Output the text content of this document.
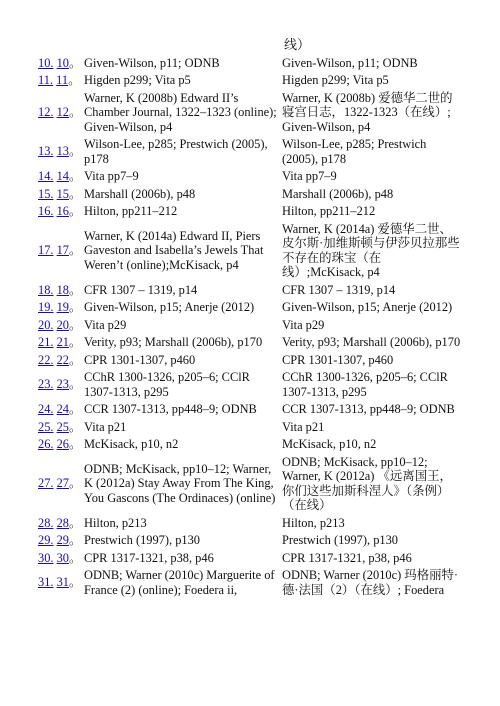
线）
10. 10。	Given-Wilson, p11; ODNB	Given-Wilson, p11; ODNB
11. 11。	Higden p299; Vita p5	Higden p299; Vita p5
12. 12。	Warner, K (2008b) Edward II’s Chamber Journal, 1322–1323 (online); Given-Wilson, p4	Warner, K (2008b) 爱德华二世的寝宫日志，1322-1323（在线）; Given-Wilson, p4
13. 13。	Wilson-Lee, p285; Prestwich (2005), p178	Wilson-Lee, p285; Prestwich (2005), p178
14. 14。	Vita pp7–9	Vita pp7–9
15. 15。	Marshall (2006b), p48	Marshall (2006b), p48
16. 16。	Hilton, pp211–212	Hilton, pp211–212
17. 17。	Warner, K (2014a) Edward II, Piers Gaveston and Isabella’s Jewels That Weren’t (online);McKisack, p4	Warner, K (2014a) 爱德华二世、皮尔斯·加维斯顿与伊莎贝拉那些不存在的珠宝（在线）;McKisack, p4
18. 18。	CFR 1307 – 1319, p14	CFR 1307 – 1319, p14
19. 19。	Given-Wilson, p15; Anerje (2012)	Given-Wilson, p15; Anerje (2012)
20. 20。	Vita p29	Vita p29
21. 21。	Verity, p93; Marshall (2006b), p170	Verity, p93; Marshall (2006b), p170
22. 22。	CPR 1301-1307, p460	CPR 1301-1307, p460
23. 23。	CChR 1300-1326, p205–6; CClR 1307-1313, p295	CChR 1300-1326, p205–6; CClR 1307-1313, p295
24. 24。	CCR 1307-1313, pp448–9; ODNB	CCR 1307-1313, pp448–9; ODNB
25. 25。	Vita p21	Vita p21
26. 26。	McKisack, p10, n2	McKisack, p10, n2
27. 27。	ODNB; McKisack, pp10–12; Warner, K (2012a) Stay Away From The King, You Gascons (The Ordinaces) (online)	ODNB; McKisack, pp10–12; Warner, K (2012a) 《远离国王，你们这些加斯科涅人》（条例）（在线）
28. 28。	Hilton, p213	Hilton, p213
29. 29。	Prestwich (1997), p130	Prestwich (1997), p130
30. 30。	CPR 1317-1321, p38, p46	CPR 1317-1321, p38, p46
31. 31。	ODNB; Warner (2010c) Marguerite of France (2) (online); Foedera ii,	ODNB; Warner (2010c) 玛格丽特·德·法国（2）（在线）; Foedera
